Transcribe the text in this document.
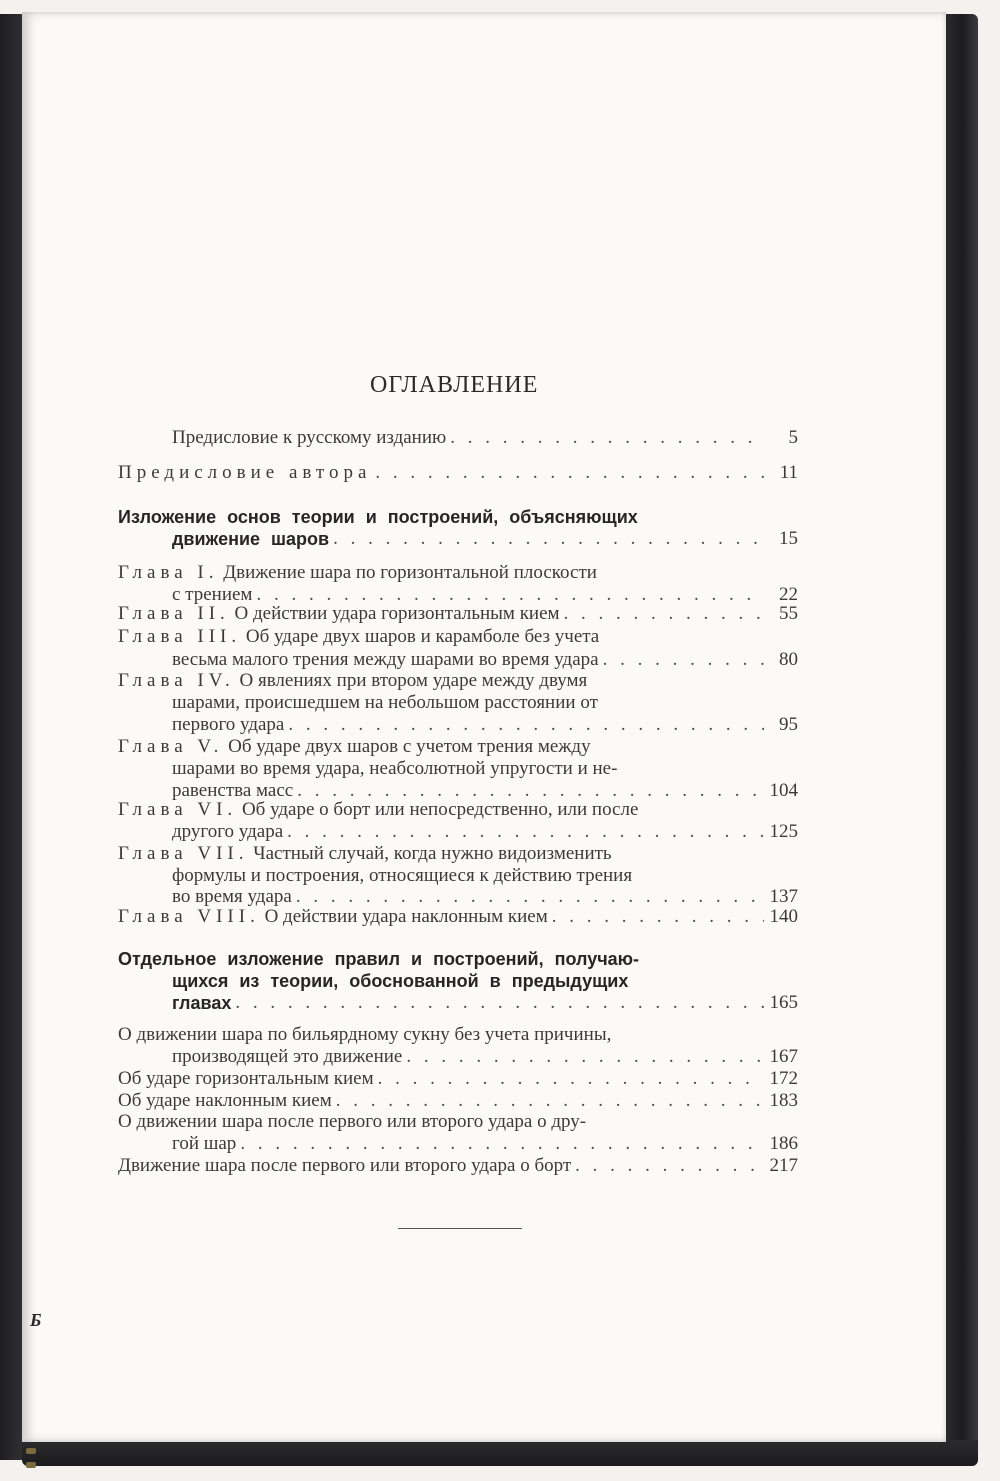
ОГЛАВЛЕНИЕ
Предисловие к русскому изданию . . .	5
Предисловие автора . . .	11
Изложение основ теории и построений, объясняющих
движение шаров . . .	15
Глава I. Движение шара по горизонтальной плоскости
с трением . . .	22
Глава II. О действии удара горизонтальным кием . . .	55
Глава III. Об ударе двух шаров и карамболе без учета
весьма малого трения между шарами во время удара . . .	80
Глава IV. О явлениях при втором ударе между двумя
шарами, происшедшем на небольшом расстоянии от
первого удара . . .	95
Глава V. Об ударе двух шаров с учетом трения между
шарами во время удара, неабсолютной упругости и не-
равенства масс . . .	104
Глава VI. Об ударе о борт или непосредственно, или после
другого удара . . .	125
Глава VII. Частный случай, когда нужно видоизменить
формулы и построения, относящиеся к действию трения
во время удара . . .	137
Глава VIII. О действии удара наклонным кием . . .	140
Отдельное изложение правил и построений, получаю-
щихся из теории, обоснованной в предыдущих
главах . . .	165
О движении шара по бильярдному сукну без учета причины,
производящей это движение . . .	167
Об ударе горизонтальным кием . . .	172
Об ударе наклонным кием . . .	183
О движении шара после первого или второго удара о дру-
гой шар . . .	186
Движение шара после первого или второго удара о борт . . .	217
Б
